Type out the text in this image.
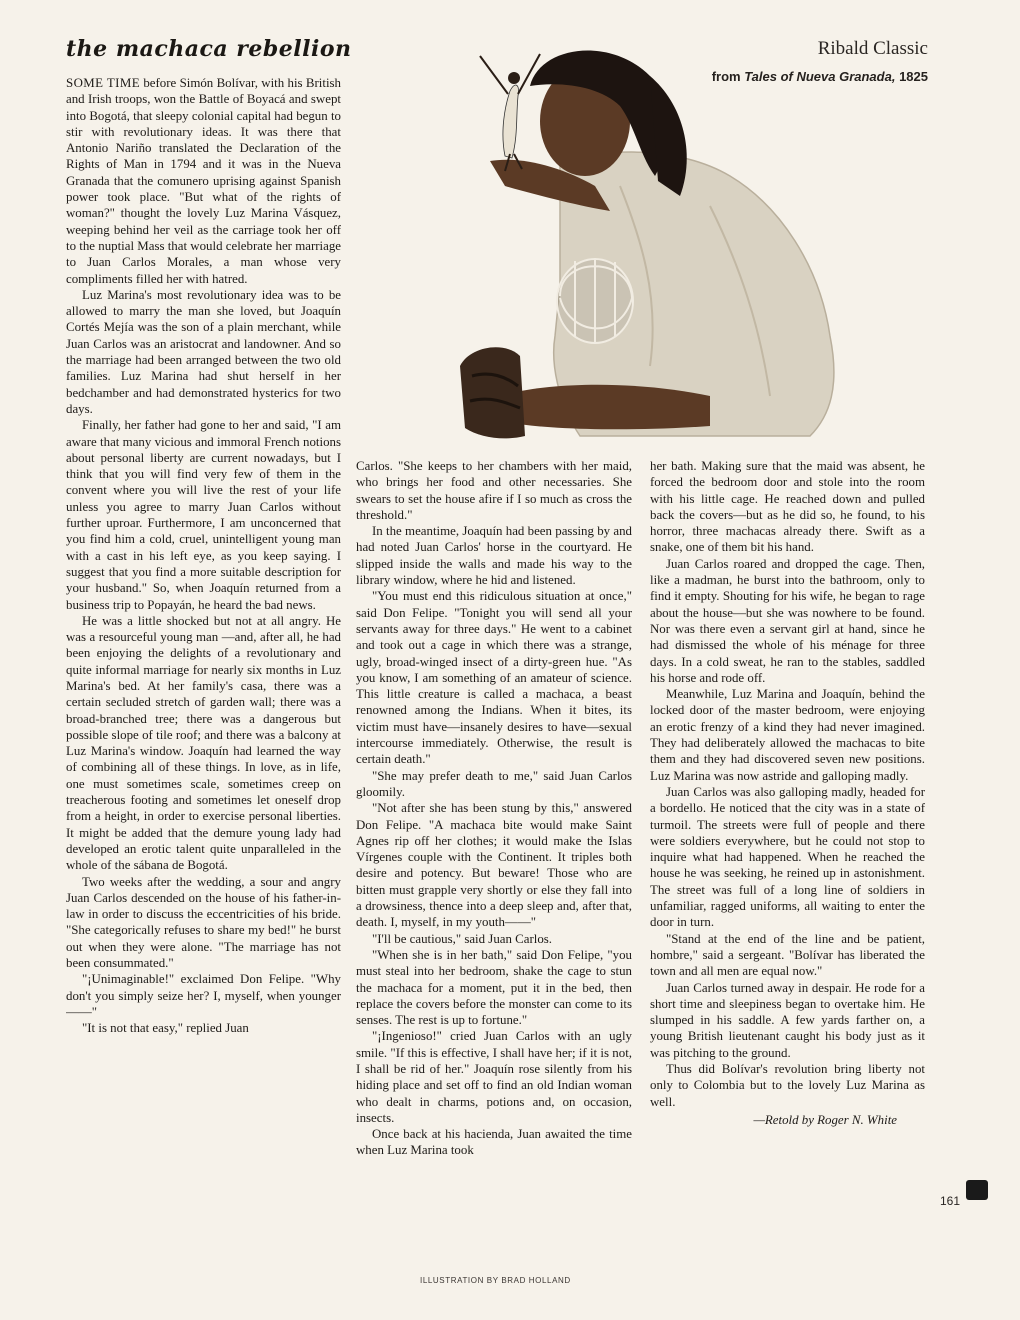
the machaca rebellion	Ribald Classic
from Tales of Nueva Granada, 1825

SOME TIME before Simón Bolívar, with his British and Irish troops, won the Battle of Boyacá and swept into Bogotá, that sleepy colonial capital had begun to stir with revolutionary ideas. It was there that Antonio Nariño translated the Declaration of the Rights of Man in 1794 and it was in the Nueva Granada that the comunero uprising against Spanish power took place. "But what of the rights of woman?" thought the lovely Luz Marina Vásquez, weeping behind her veil as the carriage took her off to the nuptial Mass that would celebrate her marriage to Juan Carlos Morales, a man whose very compliments filled her with hatred.

Luz Marina's most revolutionary idea was to be allowed to marry the man she loved, but Joaquín Cortés Mejía was the son of a plain merchant, while Juan Carlos was an aristocrat and landowner. And so the marriage had been arranged between the two old families. Luz Marina had shut herself in her bedchamber and had demonstrated hysterics for two days.

Finally, her father had gone to her and said, "I am aware that many vicious and immoral French notions about personal liberty are current nowadays, but I think that you will find very few of them in the convent where you will live the rest of your life unless you agree to marry Juan Carlos without further uproar. Furthermore, I am unconcerned that you find him a cold, cruel, unintelligent young man with a cast in his left eye, as you keep saying. I suggest that you find a more suitable description for your husband." So, when Joaquín returned from a business trip to Popayán, he heard the bad news.

He was a little shocked but not at all angry. He was a resourceful young man —and, after all, he had been enjoying the delights of a revolutionary and quite informal marriage for nearly six months in Luz Marina's bed. At her family's casa, there was a certain secluded stretch of garden wall; there was a broad-branched tree; there was a dangerous but possible slope of tile roof; and there was a balcony at Luz Marina's window. Joaquín had learned the way of combining all of these things. In love, as in life, one must sometimes scale, sometimes creep on treacherous footing and sometimes let oneself drop from a height, in order to exercise personal liberties. It might be added that the demure young lady had developed an erotic talent quite unparalleled in the whole of the sábana de Bogotá.

Two weeks after the wedding, a sour and angry Juan Carlos descended on the house of his father-in-law in order to discuss the eccentricities of his bride. "She categorically refuses to share my bed!" he burst out when they were alone. "The marriage has not been consummated."

"¡Unimaginable!" exclaimed Don Felipe. "Why don't you simply seize her? I, myself, when younger——"

"It is not that easy," replied Juan

Carlos. "She keeps to her chambers with her maid, who brings her food and other necessaries. She swears to set the house afire if I so much as cross the threshold."

In the meantime, Joaquín had been passing by and had noted Juan Carlos' horse in the courtyard. He slipped inside the walls and made his way to the library window, where he hid and listened.

"You must end this ridiculous situation at once," said Don Felipe. "Tonight you will send all your servants away for three days." He went to a cabinet and took out a cage in which there was a strange, ugly, broad-winged insect of a dirty-green hue. "As you know, I am something of an amateur of science. This little creature is called a machaca, a beast renowned among the Indians. When it bites, its victim must have—insanely desires to have—sexual intercourse immediately. Otherwise, the result is certain death."

"She may prefer death to me," said Juan Carlos gloomily.

"Not after she has been stung by this," answered Don Felipe. "A machaca bite would make Saint Agnes rip off her clothes; it would make the Islas Vírgenes couple with the Continent. It triples both desire and potency. But beware! Those who are bitten must grapple very shortly or else they fall into a drowsiness, thence into a deep sleep and, after that, death. I, myself, in my youth——"

"I'll be cautious," said Juan Carlos.

"When she is in her bath," said Don Felipe, "you must steal into her bedroom, shake the cage to stun the machaca for a moment, put it in the bed, then replace the covers before the monster can come to its senses. The rest is up to fortune."

"¡Ingenioso!" cried Juan Carlos with an ugly smile. "If this is effective, I shall have her; if it is not, I shall be rid of her." Joaquín rose silently from his hiding place and set off to find an old Indian woman who dealt in charms, potions and, on occasion, insects.

Once back at his hacienda, Juan awaited the time when Luz Marina took

her bath. Making sure that the maid was absent, he forced the bedroom door and stole into the room with his little cage. He reached down and pulled back the covers—but as he did so, he found, to his horror, three machacas already there. Swift as a snake, one of them bit his hand.

Juan Carlos roared and dropped the cage. Then, like a madman, he burst into the bathroom, only to find it empty. Shouting for his wife, he began to rage about the house—but she was nowhere to be found. Nor was there even a servant girl at hand, since he had dismissed the whole of his ménage for three days. In a cold sweat, he ran to the stables, saddled his horse and rode off.

Meanwhile, Luz Marina and Joaquín, behind the locked door of the master bedroom, were enjoying an erotic frenzy of a kind they had never imagined. They had deliberately allowed the machacas to bite them and they had discovered seven new positions. Luz Marina was now astride and galloping madly.

Juan Carlos was also galloping madly, headed for a bordello. He noticed that the city was in a state of turmoil. The streets were full of people and there were soldiers everywhere, but he could not stop to inquire what had happened. When he reached the house he was seeking, he reined up in astonishment. The street was full of a long line of soldiers in unfamiliar, ragged uniforms, all waiting to enter the door in turn.

"Stand at the end of the line and be patient, hombre," said a sergeant. "Bolívar has liberated the town and all men are equal now."

Juan Carlos turned away in despair. He rode for a short time and sleepiness began to overtake him. He slumped in his saddle. A few yards farther on, a young British lieutenant caught his body just as it was pitching to the ground.

Thus did Bolívar's revolution bring liberty not only to Colombia but to the lovely Luz Marina as well.

—Retold by Roger N. White
161
ILLUSTRATION BY BRAD HOLLAND
